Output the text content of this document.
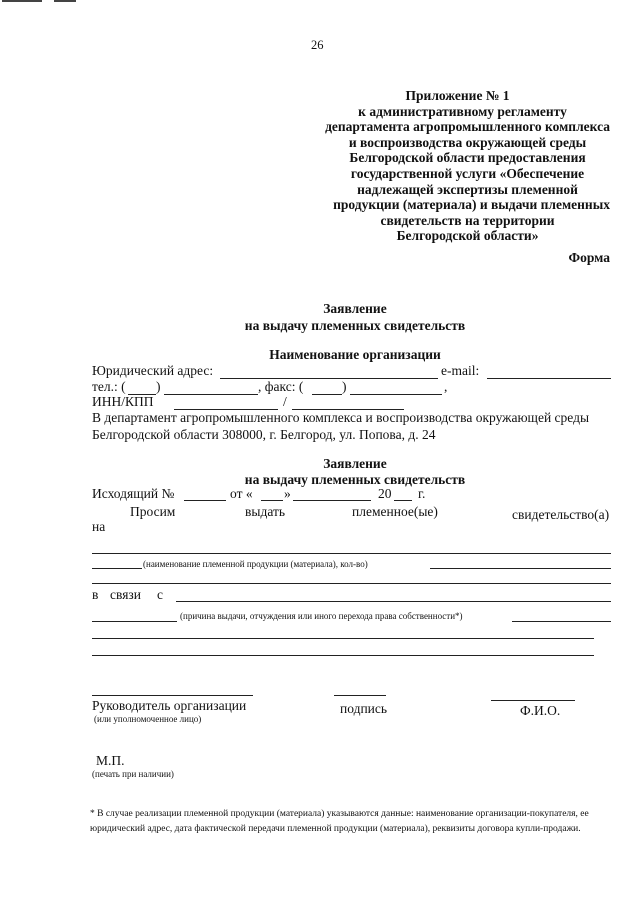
26
Приложение № 1
к административному регламенту
департамента агропромышленного комплекса
и воспроизводства окружающей среды
Белгородской области предоставления
государственной услуги «Обеспечение
надлежащей экспертизы племенной
продукции (материала) и выдачи племенных
свидетельств на территории
Белгородской области»
Форма
Заявление
на выдачу племенных свидетельств
Наименование организации
Юридический адрес:	e-mail:
тел.: ( )	, факс: (	)	,
ИНН/КПП	/
В департамент агропромышленного комплекса и воспроизводства окружающей среды
Белгородской области 308000, г. Белгород, ул. Попова, д. 24
Заявление
на выдачу племенных свидетельств
Исходящий №	от « »	20 г.
Просим	выдать	племенное(ые)	свидетельство(а)
на
(наименование племенной продукции (материала), кол-во)
в связи с
(причина выдачи, отчуждения или иного перехода права собственности*)
Руководитель организации	подпись	Ф.И.О.
(или уполномоченное лицо)
М.П.
(печать при наличии)
* В случае реализации племенной продукции (материала) указываются данные: наименование организации-покупателя, ее юридический адрес, дата фактической передачи племенной продукции (материала), реквизиты договора купли-продажи.
